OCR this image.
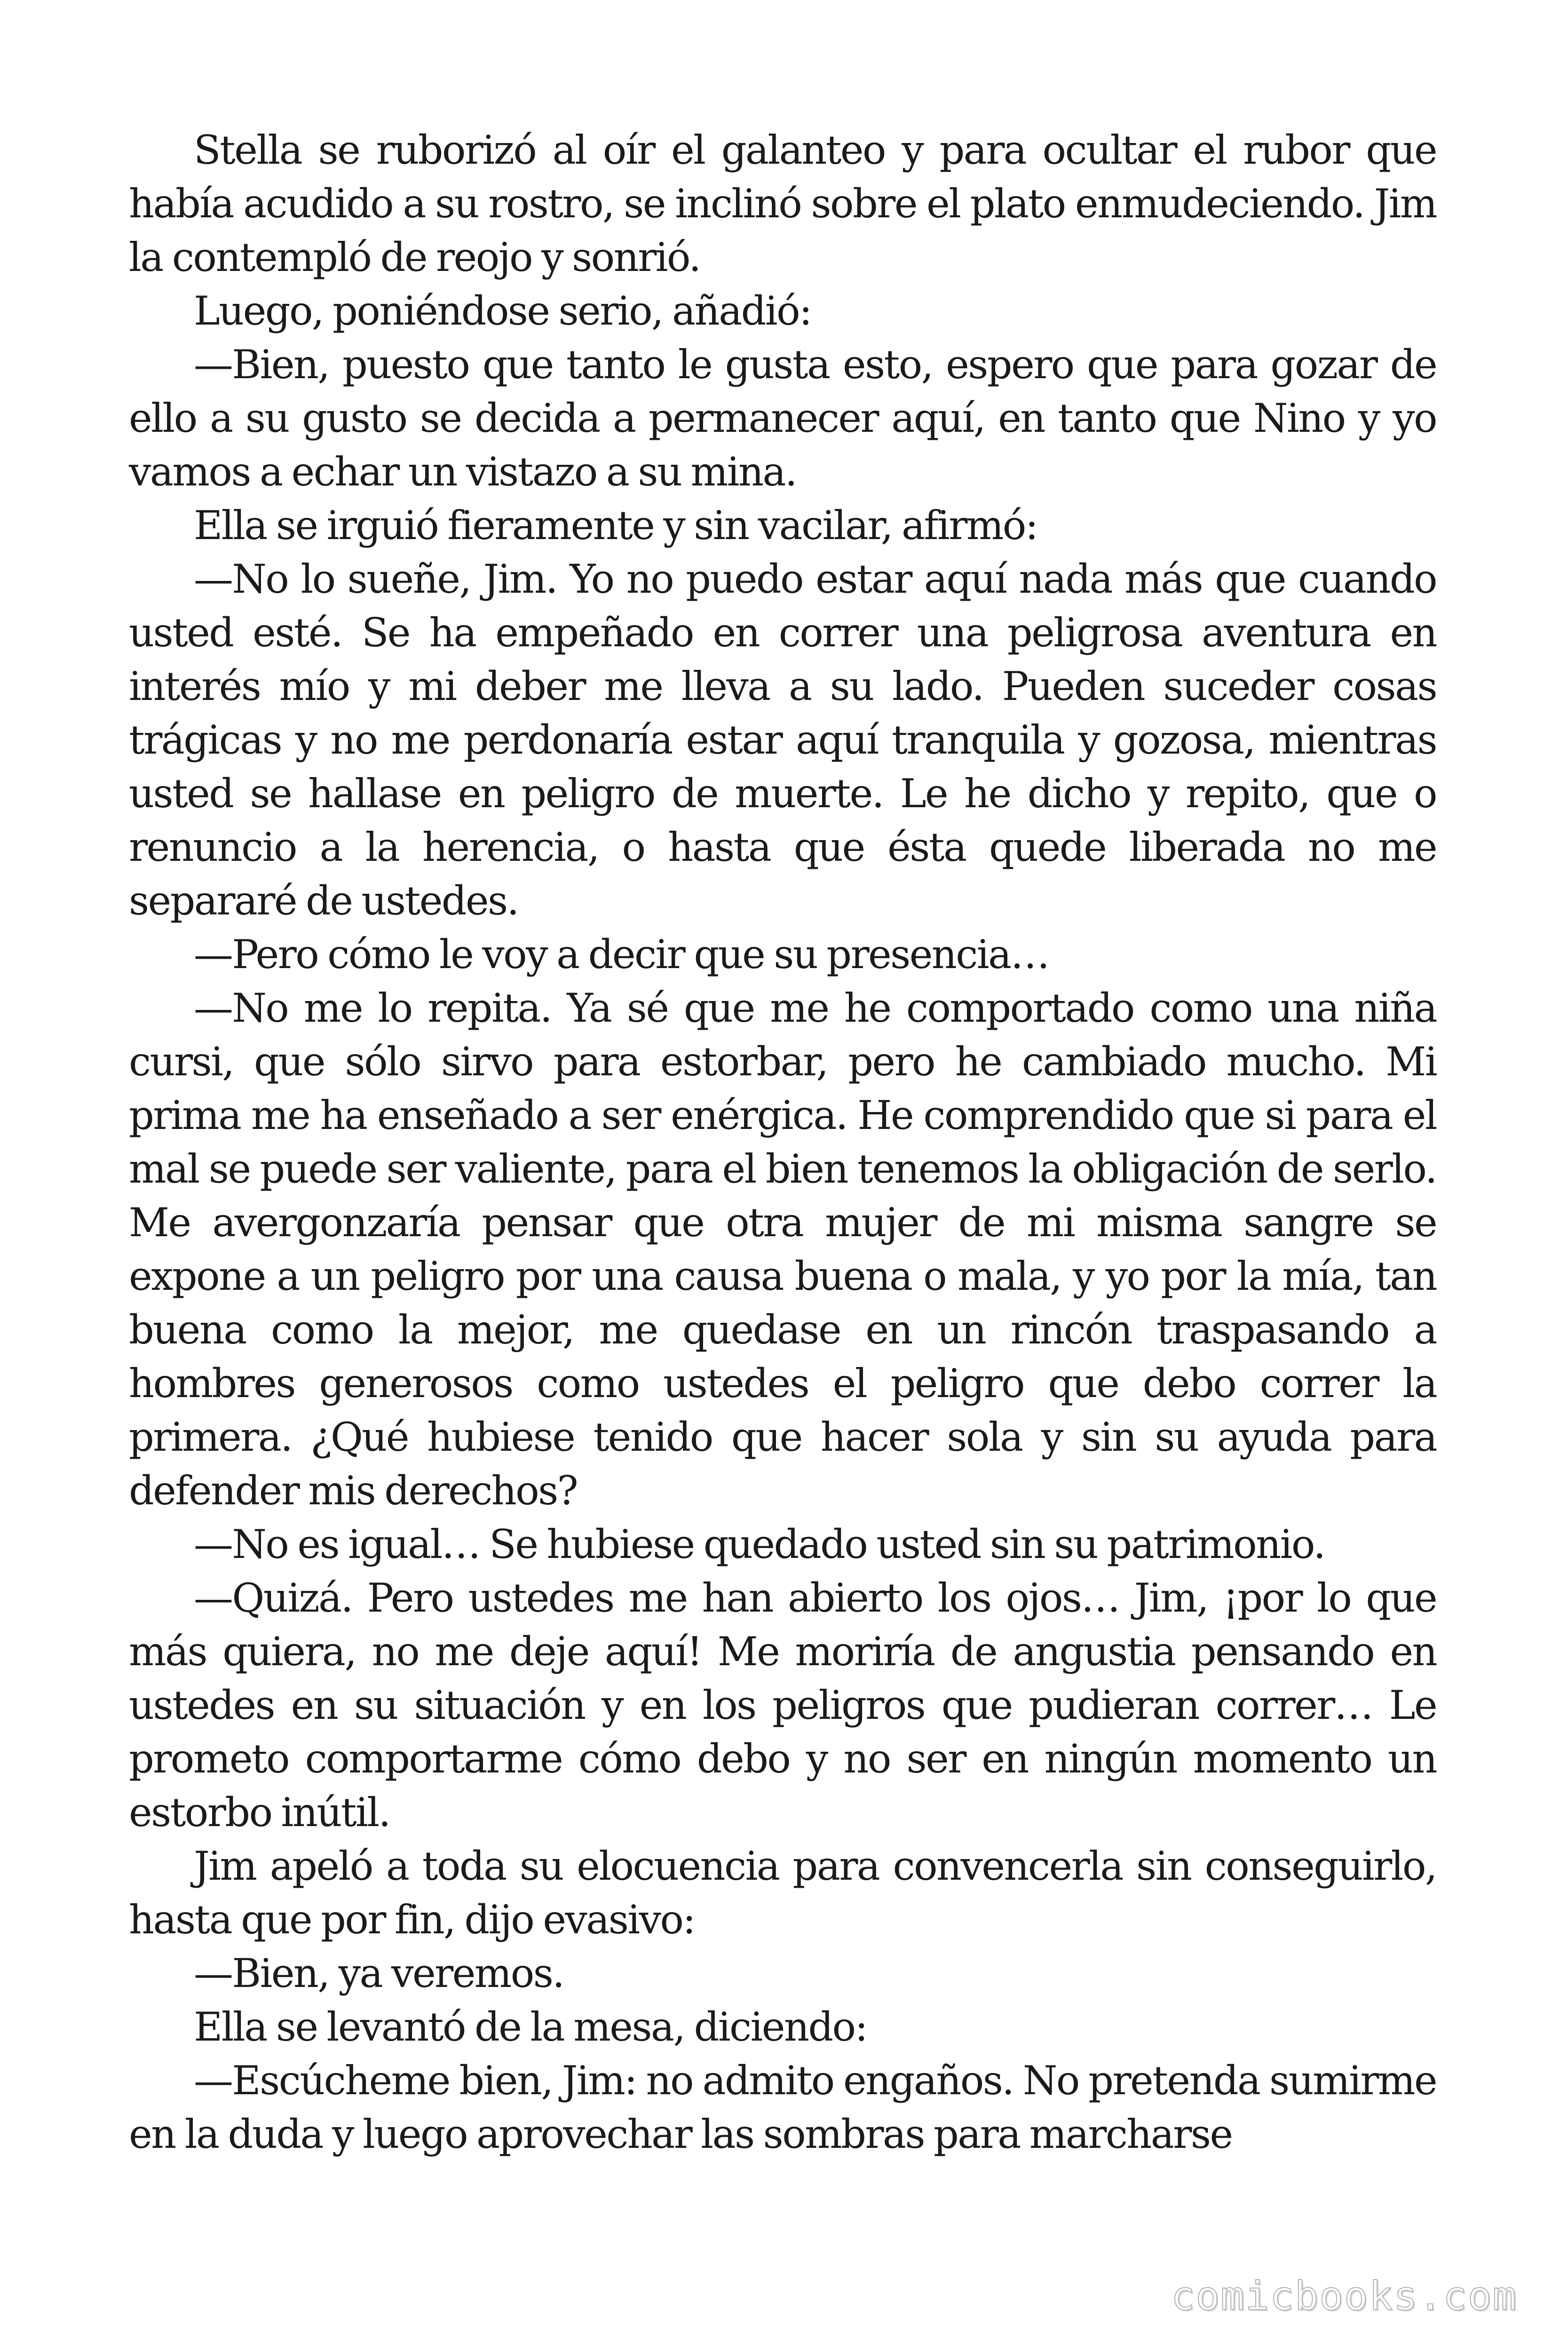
Stella se ruborizó al oír el galanteo y para ocultar el rubor que había acudido a su rostro, se inclinó sobre el plato enmudeciendo. Jim la contempló de reojo y sonrió.

Luego, poniéndose serio, añadió:

—Bien, puesto que tanto le gusta esto, espero que para gozar de ello a su gusto se decida a permanecer aquí, en tanto que Nino y yo vamos a echar un vistazo a su mina.

Ella se irguió fieramente y sin vacilar, afirmó:

—No lo sueñe, Jim. Yo no puedo estar aquí nada más que cuando usted esté. Se ha empeñado en correr una peligrosa aventura en interés mío y mi deber me lleva a su lado. Pueden suceder cosas trágicas y no me perdonaría estar aquí tranquila y gozosa, mientras usted se hallase en peligro de muerte. Le he dicho y repito, que o renuncio a la herencia, o hasta que ésta quede liberada no me separaré de ustedes.

—Pero cómo le voy a decir que su presencia…

—No me lo repita. Ya sé que me he comportado como una niña cursi, que sólo sirvo para estorbar, pero he cambiado mucho. Mi prima me ha enseñado a ser enérgica. He comprendido que si para el mal se puede ser valiente, para el bien tenemos la obligación de serlo. Me avergonzaría pensar que otra mujer de mi misma sangre se expone a un peligro por una causa buena o mala, y yo por la mía, tan buena como la mejor, me quedase en un rincón traspasando a hombres generosos como ustedes el peligro que debo correr la primera. ¿Qué hubiese tenido que hacer sola y sin su ayuda para defender mis derechos?

—No es igual… Se hubiese quedado usted sin su patrimonio.

—Quizá. Pero ustedes me han abierto los ojos… Jim, ¡por lo que más quiera, no me deje aquí! Me moriría de angustia pensando en ustedes en su situación y en los peligros que pudieran correr… Le prometo comportarme cómo debo y no ser en ningún momento un estorbo inútil.

Jim apeló a toda su elocuencia para convencerla sin conseguirlo, hasta que por fin, dijo evasivo:

—Bien, ya veremos.

Ella se levantó de la mesa, diciendo:

—Escúcheme bien, Jim: no admito engaños. No pretenda sumirme en la duda y luego aprovechar las sombras para marcharse

comicbooks.com
